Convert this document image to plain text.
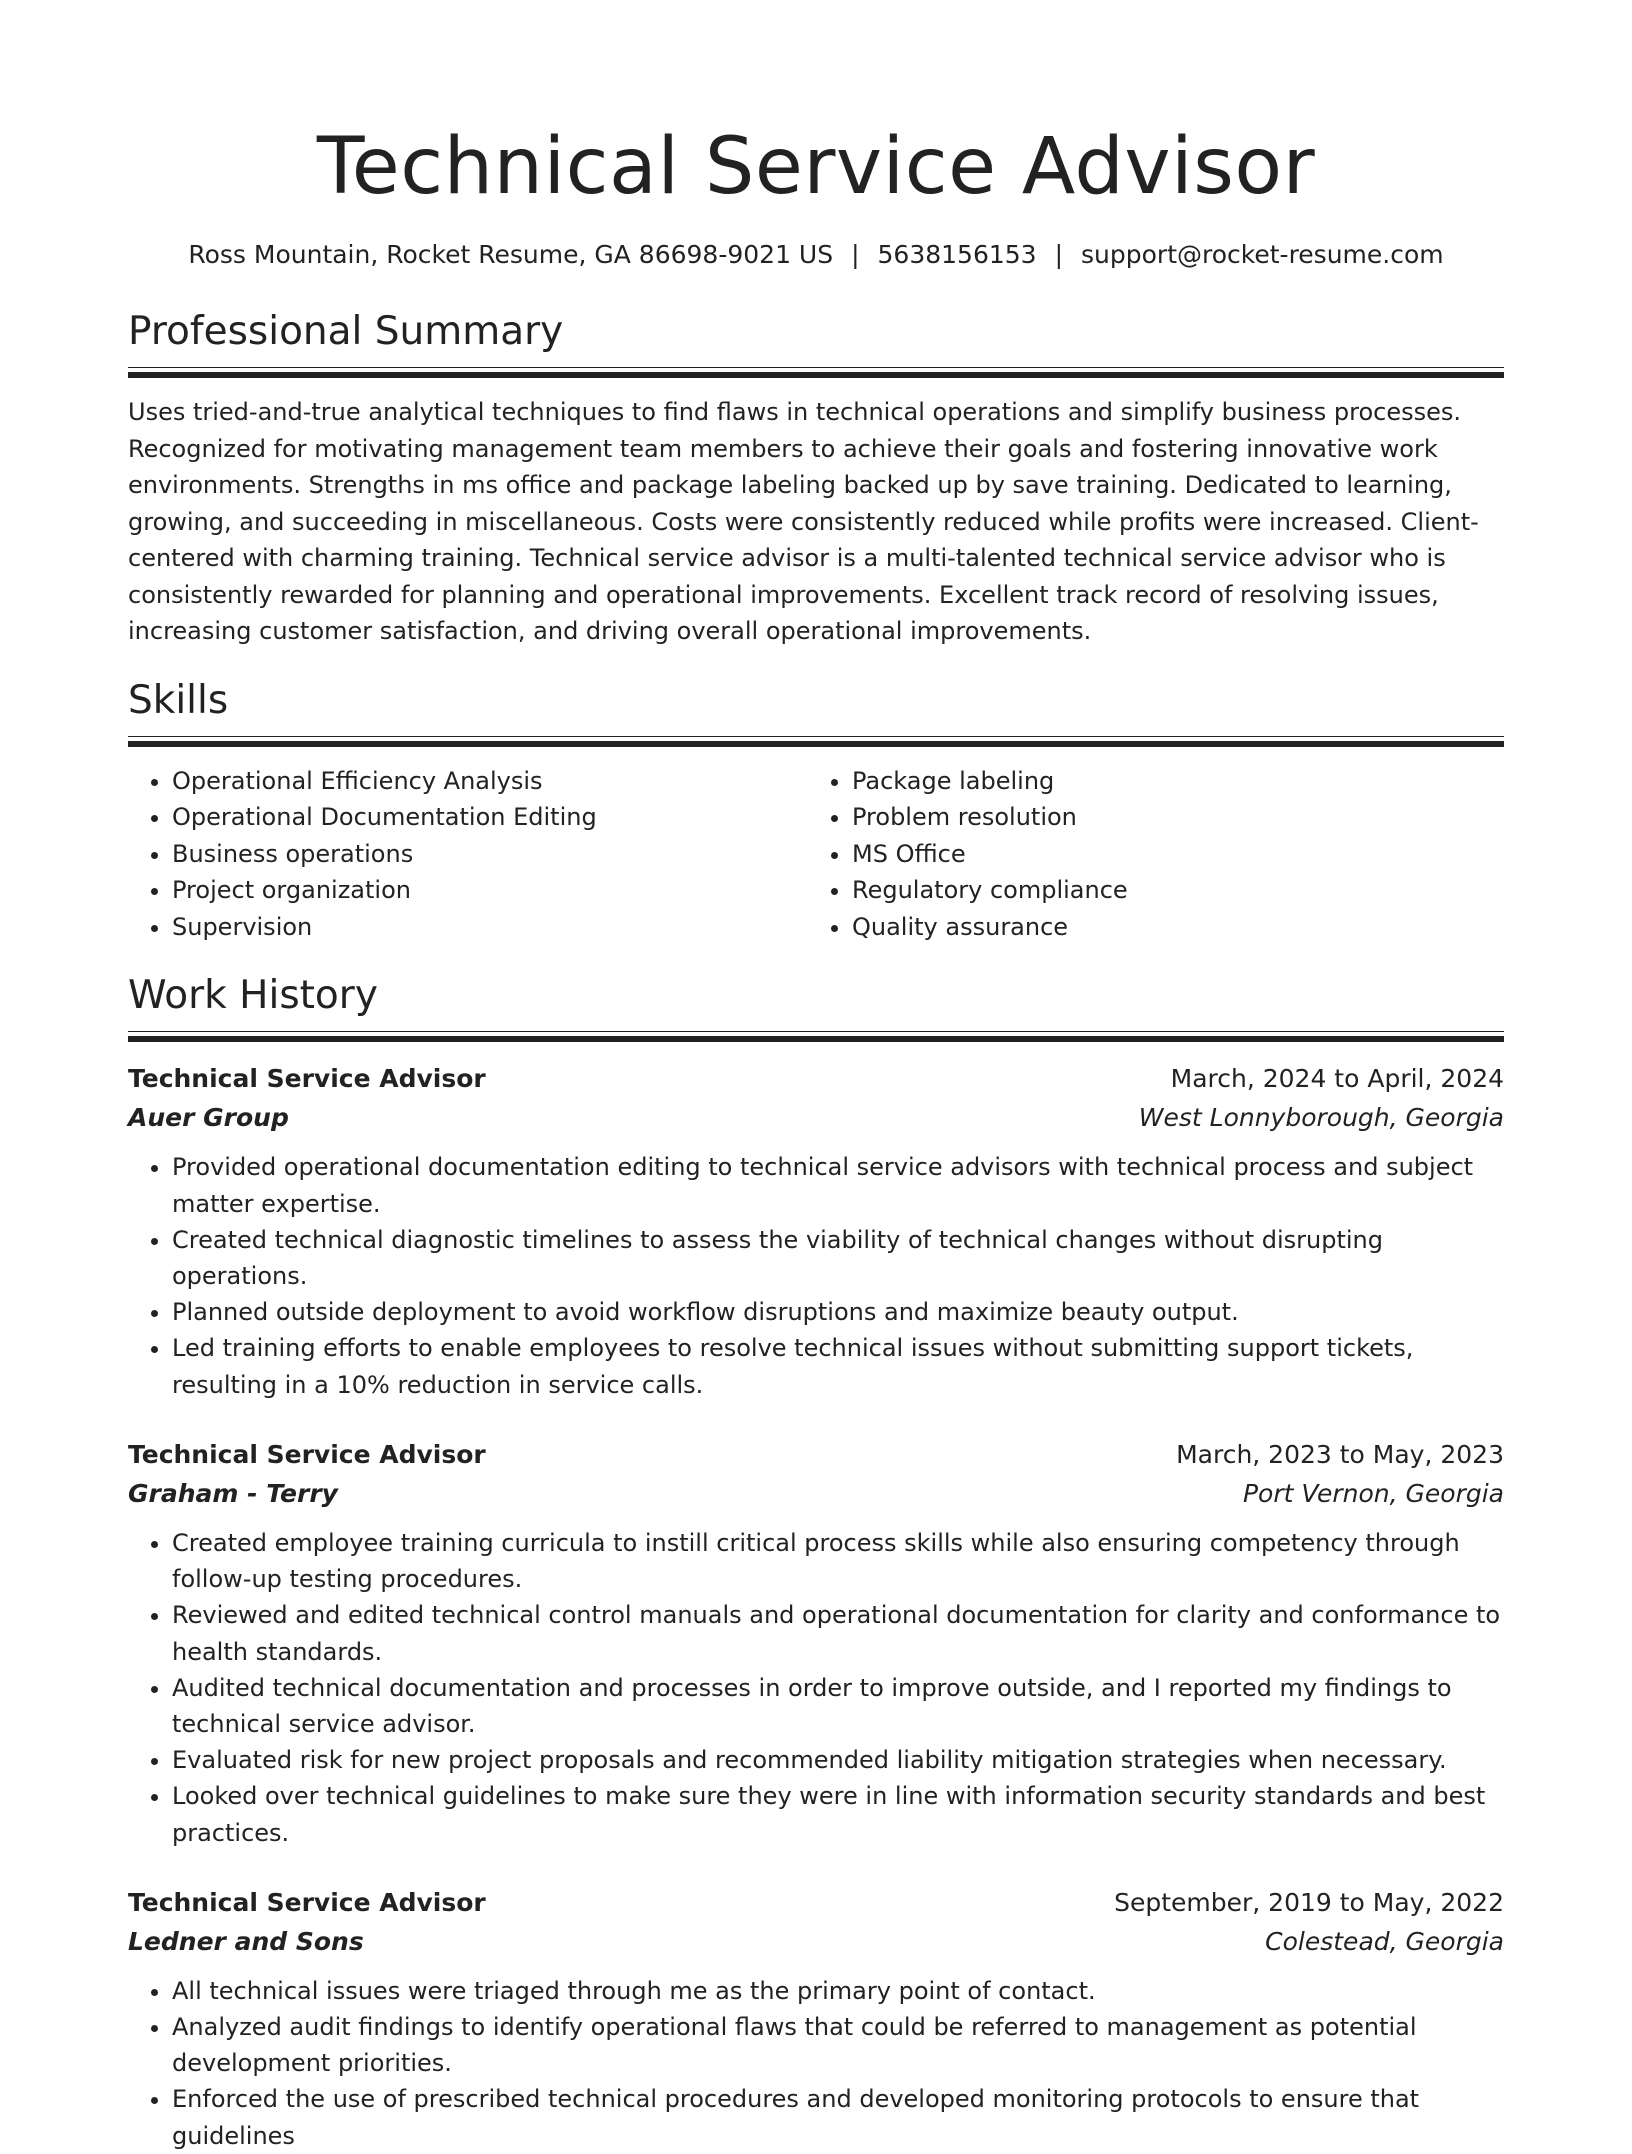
Technical Service Advisor
Ross Mountain, Rocket Resume, GA 86698-9021 US | 5638156153 | support@rocket-resume.com
Professional Summary

Uses tried-and-true analytical techniques to find flaws in technical operations and simplify business processes. Recognized for motivating management team members to achieve their goals and fostering innovative work environments. Strengths in ms office and package labeling backed up by save training. Dedicated to learning, growing, and succeeding in miscellaneous. Costs were consistently reduced while profits were increased. Client-centered with charming training. Technical service advisor is a multi-talented technical service advisor who is consistently rewarded for planning and operational improvements. Excellent track record of resolving issues, increasing customer satisfaction, and driving overall operational improvements.

Skills
• Operational Efficiency Analysis
• Operational Documentation Editing
• Business operations
• Project organization
• Supervision
• Package labeling
• Problem resolution
• MS Office
• Regulatory compliance
• Quality assurance
Work History
Technical Service Advisor	March, 2024 to April, 2024
Auer Group	West Lonnyborough, Georgia
• Provided operational documentation editing to technical service advisors with technical process and subject matter expertise.
• Created technical diagnostic timelines to assess the viability of technical changes without disrupting operations.
• Planned outside deployment to avoid workflow disruptions and maximize beauty output.
• Led training efforts to enable employees to resolve technical issues without submitting support tickets, resulting in a 10% reduction in service calls.
Technical Service Advisor	March, 2023 to May, 2023
Graham - Terry	Port Vernon, Georgia
• Created employee training curricula to instill critical process skills while also ensuring competency through follow-up testing procedures.
• Reviewed and edited technical control manuals and operational documentation for clarity and conformance to health standards.
• Audited technical documentation and processes in order to improve outside, and I reported my findings to technical service advisor.
• Evaluated risk for new project proposals and recommended liability mitigation strategies when necessary.
• Looked over technical guidelines to make sure they were in line with information security standards and best practices.
Technical Service Advisor	September, 2019 to May, 2022
Ledner and Sons	Colestead, Georgia
• All technical issues were triaged through me as the primary point of contact.
• Analyzed audit findings to identify operational flaws that could be referred to management as potential development priorities.
• Enforced the use of prescribed technical procedures and developed monitoring protocols to ensure that guidelines
